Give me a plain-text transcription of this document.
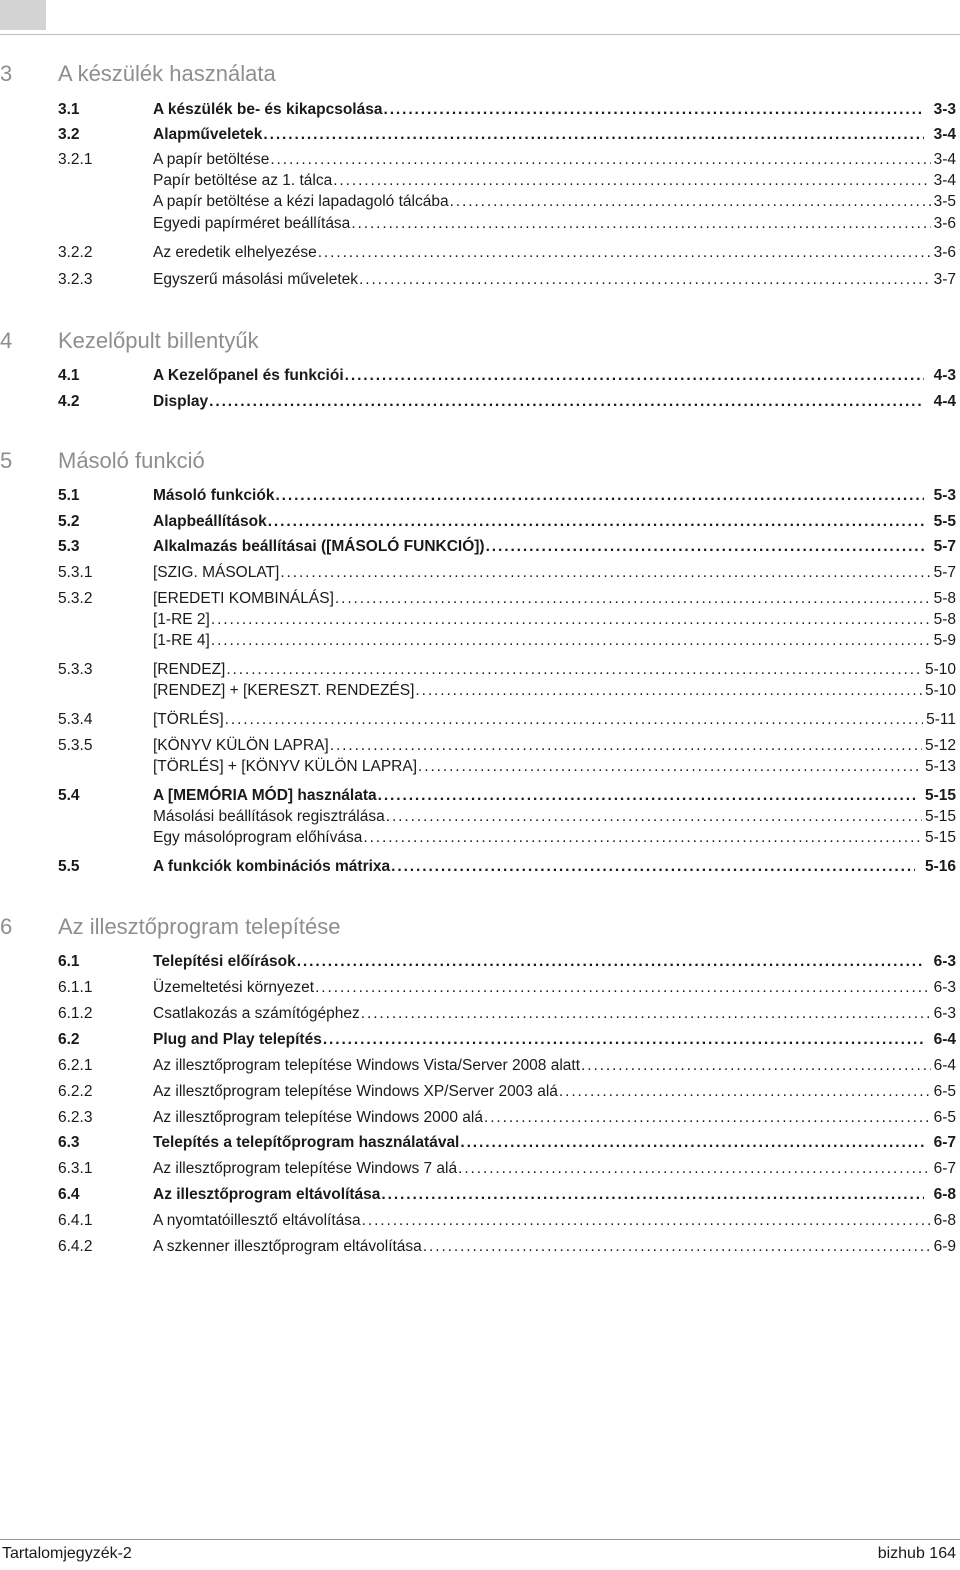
3 A készülék használata
3.1	A készülék be- és kikapcsolása . . .	3-3
3.2	Alapműveletek . . .	3-4
3.2.1	A papír betöltése . . .	3-4
Papír betöltése az 1. tálca . . .	3-4
A papír betöltése a kézi lapadagoló tálcába . . .	3-5
Egyedi papírméret beállítása . . .	3-6
3.2.2	Az eredetik elhelyezése . . .	3-6
3.2.3	Egyszerű másolási műveletek . . .	3-7
4 Kezelőpult billentyűk
4.1	A Kezelőpanel és funkciói . . .	4-3
4.2	Display . . .	4-4
5 Másoló funkció
5.1	Másoló funkciók . . .	5-3
5.2	Alapbeállítások . . .	5-5
5.3	Alkalmazás beállításai ([MÁSOLÓ FUNKCIÓ]) . . .	5-7
5.3.1	[SZIG. MÁSOLAT] . . .	5-7
5.3.2	[EREDETI KOMBINÁLÁS] . . .	5-8
[1-RE 2] . . .	5-8
[1-RE 4] . . .	5-9
5.3.3	[RENDEZ] . . .	5-10
[RENDEZ] + [KERESZT. RENDEZÉS] . . .	5-10
5.3.4	[TÖRLÉS] . . .	5-11
5.3.5	[KÖNYV KÜLÖN LAPRA] . . .	5-12
[TÖRLÉS] + [KÖNYV KÜLÖN LAPRA] . . .	5-13
5.4	A [MEMÓRIA MÓD] használata . . .	5-15
Másolási beállítások regisztrálása . . .	5-15
Egy másolóprogram előhívása . . .	5-15
5.5	A funkciók kombinációs mátrixa . . .	5-16
6 Az illesztőprogram telepítése
6.1	Telepítési előírások . . .	6-3
6.1.1	Üzemeltetési környezet . . .	6-3
6.1.2	Csatlakozás a számítógéphez . . .	6-3
6.2	Plug and Play telepítés . . .	6-4
6.2.1	Az illesztőprogram telepítése Windows Vista/Server 2008 alatt . . .	6-4
6.2.2	Az illesztőprogram telepítése Windows XP/Server 2003 alá . . .	6-5
6.2.3	Az illesztőprogram telepítése Windows 2000 alá . . .	6-5
6.3	Telepítés a telepítőprogram használatával . . .	6-7
6.3.1	Az illesztőprogram telepítése Windows 7 alá . . .	6-7
6.4	Az illesztőprogram eltávolítása . . .	6-8
6.4.1	A nyomtatóillesztő eltávolítása . . .	6-8
6.4.2	A szkenner illesztőprogram eltávolítása . . .	6-9
Tartalomjegyzék-2	bizhub 164
